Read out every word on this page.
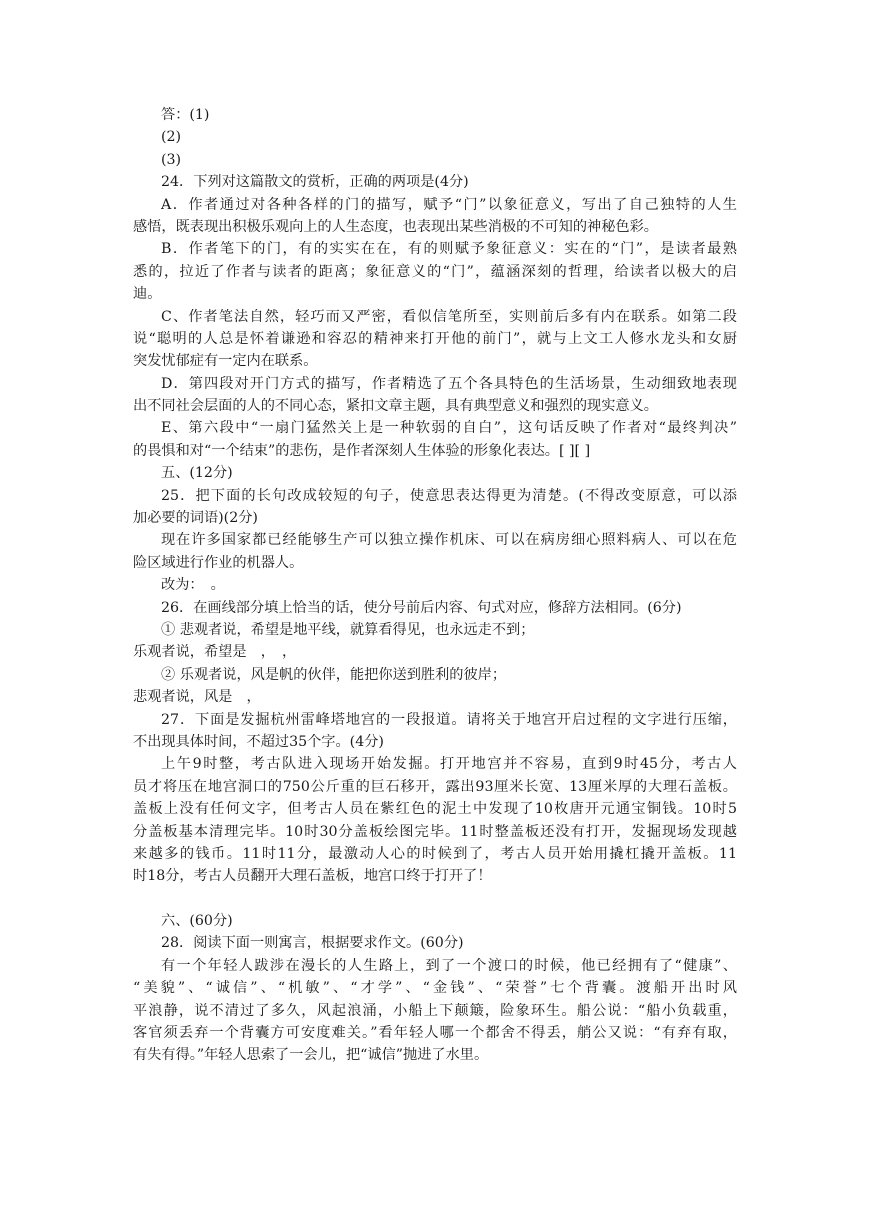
答：(1)
(2)
(3)
24．下列对这篇散文的赏析，正确的两项是(4分)
A．作者通过对各种各样的门的描写，赋予“门”以象征意义，写出了自己独特的人生
感悟，既表现出积极乐观向上的人生态度，也表现出某些消极的不可知的神秘色彩。
B．作者笔下的门，有的实实在在，有的则赋予象征意义：实在的“门”，是读者最熟
悉的，拉近了作者与读者的距离；象征意义的“门”，蕴涵深刻的哲理，给读者以极大的启
迪。
C、作者笔法自然，轻巧而又严密，看似信笔所至，实则前后多有内在联系。如第二段
说“聪明的人总是怀着谦逊和容忍的精神来打开他的前门”，就与上文工人修水龙头和女厨
突发忧郁症有一定内在联系。
D．第四段对开门方式的描写，作者精选了五个各具特色的生活场景，生动细致地表现
出不同社会层面的人的不同心态，紧扣文章主题，具有典型意义和强烈的现实意义。
E、第六段中“一扇门猛然关上是一种软弱的自白”，这句话反映了作者对“最终判决”
的畏惧和对“一个结束”的悲伤，是作者深刻人生体验的形象化表达。[ ][ ]
五、(12分)
25．把下面的长句改成较短的句子，使意思表达得更为清楚。(不得改变原意，可以添
加必要的词语)(2分)
现在许多国家都已经能够生产可以独立操作机床、可以在病房细心照料病人、可以在危
险区域进行作业的机器人。
改为：　。
26．在画线部分填上恰当的话，使分号前后内容、句式对应，修辞方法相同。(6分)
① 悲观者说，希望是地平线，就算看得见，也永远走不到；
乐观者说，希望是　，　，
② 乐观者说，风是帆的伙伴，能把你送到胜利的彼岸；
悲观者说，风是　，
27．下面是发掘杭州雷峰塔地宫的一段报道。请将关于地宫开启过程的文字进行压缩，
不出现具体时间，不超过35个字。(4分)
上午9时整，考古队进入现场开始发掘。打开地宫并不容易，直到9时45分，考古人
员才将压在地宫洞口的750公斤重的巨石移开，露出93厘米长宽、13厘米厚的大理石盖板。
盖板上没有任何文字，但考古人员在紫红色的泥土中发现了10枚唐开元通宝铜钱。10时5
分盖板基本清理完毕。10时30分盖板绘图完毕。11时整盖板还没有打开，发掘现场发现越
来越多的钱币。11时11分，最激动人心的时候到了，考古人员开始用撬杠撬开盖板。11
时18分，考古人员翻开大理石盖板，地宫口终于打开了！
六、(60分)
28．阅读下面一则寓言，根据要求作文。(60分)
有一个年轻人跋涉在漫长的人生路上，到了一个渡口的时候，他已经拥有了“健康”、
“美貌”、“诚信”、“机敏”、“才学”、“金钱”、“荣誉”七个背囊。渡船开出时风
平浪静，说不清过了多久，风起浪涌，小船上下颠簸，险象环生。船公说：“船小负载重，
客官须丢弃一个背囊方可安度难关。”看年轻人哪一个都舍不得丢，艄公又说：“有弃有取，
有失有得。”年轻人思索了一会儿，把“诚信”抛进了水里。
